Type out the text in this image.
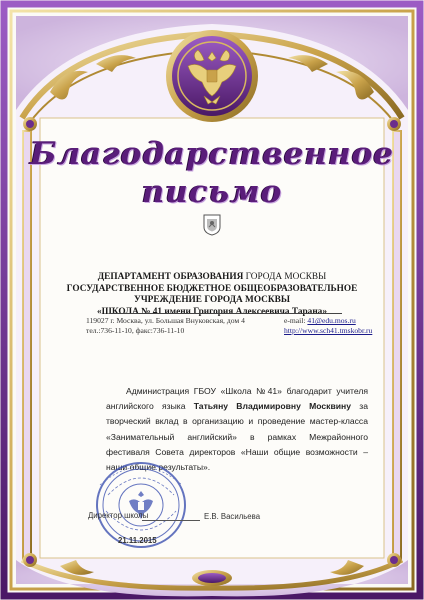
Благодарственное
письмо
ДЕПАРТАМЕНТ ОБРАЗОВАНИЯ ГОРОДА МОСКВЫ
ГОСУДАРСТВЕННОЕ БЮДЖЕТНОЕ ОБЩЕОБРАЗОВАТЕЛЬНОЕ
УЧРЕЖДЕНИЕ ГОРОДА МОСКВЫ
«ШКОЛА № 41 имени Григория Алексеевича Тарана»
119027 г. Москва, ул. Большая Внуковская, дом 4
тел.:736-11-10, факс:736-11-10
e-mail: 41@edu.mos.ru
http://www.sch41.tmskobr.ru
Администрация ГБОУ «Школа №41» благодарит учителя английского языка Татьяну Владимировну Москвину за творческий вклад в организацию и проведение мастер-класса «Занимательный английский» в рамках Межрайонного фестиваля Совета директоров «Наши общие возможности – наши общие результаты».
Директор школы	Е.В. Васильева
21.11.2015
